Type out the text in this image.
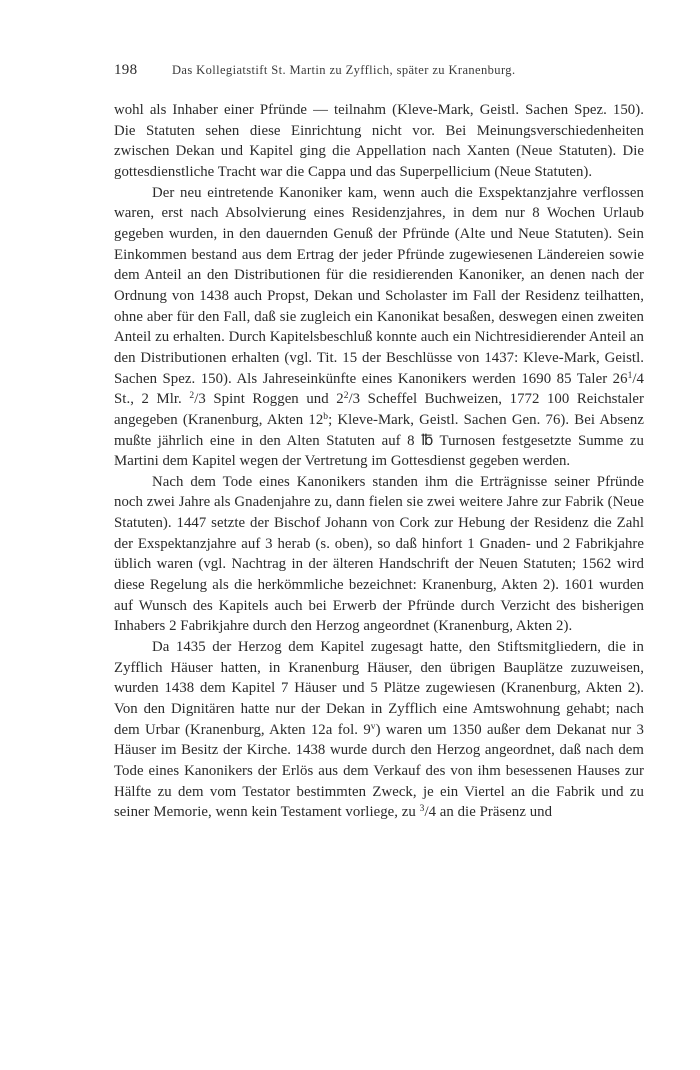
198	Das Kollegiatstift St. Martin zu Zyfflich, später zu Kranenburg.

wohl als Inhaber einer Pfründe — teilnahm (Kleve-Mark, Geistl. Sachen Spez. 150). Die Statuten sehen diese Einrichtung nicht vor. Bei Meinungsverschiedenheiten zwischen Dekan und Kapitel ging die Appellation nach Xanten (Neue Statuten). Die gottesdienstliche Tracht war die Cappa und das Superpellicium (Neue Statuten).

Der neu eintretende Kanoniker kam, wenn auch die Exspektanzjahre verflossen waren, erst nach Absolvierung eines Residenzjahres, in dem nur 8 Wochen Urlaub gegeben wurden, in den dauernden Genuß der Pfründe (Alte und Neue Statuten). Sein Einkommen bestand aus dem Ertrag der jeder Pfründe zugewiesenen Ländereien sowie dem Anteil an den Distributionen für die residierenden Kanoniker, an denen nach der Ordnung von 1438 auch Propst, Dekan und Scholaster im Fall der Residenz teilhatten, ohne aber für den Fall, daß sie zugleich ein Kanonikat besaßen, deswegen einen zweiten Anteil zu erhalten. Durch Kapitelsbeschluß konnte auch ein Nichtresidierender Anteil an den Distributionen erhalten (vgl. Tit. 15 der Beschlüsse von 1437: Kleve-Mark, Geistl. Sachen Spez. 150). Als Jahreseinkünfte eines Kanonikers werden 1690 85 Taler $26^1/4$ St., 2 Mlr. $^2$/3 Spint Roggen und $2^2/3$ Scheffel Buchweizen, 1772 100 Reichstaler angegeben (Kranenburg, Akten 12$^b$; Kleve-Mark, Geistl. Sachen Gen. 76). Bei Absenz mußte jährlich eine in den Alten Statuten auf 8 ℔ Turnosen festgesetzte Summe zu Martini dem Kapitel wegen der Vertretung im Gottesdienst gegeben werden.

Nach dem Tode eines Kanonikers standen ihm die Erträgnisse seiner Pfründe noch zwei Jahre als Gnadenjahre zu, dann fielen sie zwei weitere Jahre zur Fabrik (Neue Statuten). 1447 setzte der Bischof Johann von Cork zur Hebung der Residenz die Zahl der Exspektanzjahre auf 3 herab (s. oben), so daß hinfort 1 Gnaden- und 2 Fabrikjahre üblich waren (vgl. Nachtrag in der älteren Handschrift der Neuen Statuten; 1562 wird diese Regelung als die herkömmliche bezeichnet: Kranenburg, Akten 2). 1601 wurden auf Wunsch des Kapitels auch bei Erwerb der Pfründe durch Verzicht des bisherigen Inhabers 2 Fabrikjahre durch den Herzog angeordnet (Kranenburg, Akten 2).

Da 1435 der Herzog dem Kapitel zugesagt hatte, den Stiftsmitgliedern, die in Zyfflich Häuser hatten, in Kranenburg Häuser, den übrigen Bauplätze zuzuweisen, wurden 1438 dem Kapitel 7 Häuser und 5 Plätze zugewiesen (Kranenburg, Akten 2). Von den Dignitären hatte nur der Dekan in Zyfflich eine Amtswohnung gehabt; nach dem Urbar (Kranenburg, Akten 12a fol. 9$^v$) waren um 1350 außer dem Dekanat nur 3 Häuser im Besitz der Kirche. 1438 wurde durch den Herzog angeordnet, daß nach dem Tode eines Kanonikers der Erlös aus dem Verkauf des von ihm besessenen Hauses zur Hälfte zu dem vom Testator bestimmten Zweck, je ein Viertel an die Fabrik und zu seiner Memorie, wenn kein Testament vorliege, zu $^3$/4 an die Präsenz und
